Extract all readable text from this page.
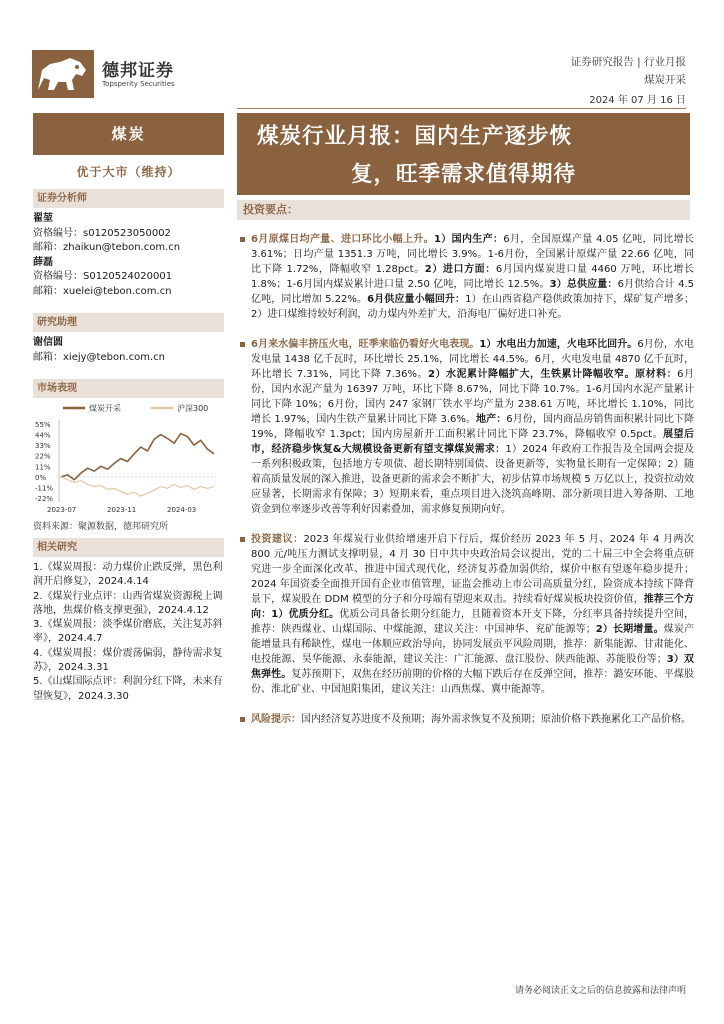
德邦证券
Topsperity Securities
证券研究报告 | 行业月报
煤炭开采
2024 年 07 月 16 日
煤炭
优于大市（维持）
证券分析师
翟堃
资格编号：s0120523050002
邮箱：zhaikun@tebon.com.cn
薛磊
资格编号：S0120524020001
邮箱：xuelei@tebon.com.cn
研究助理
谢信圆
邮箱：xiejy@tebon.com.cn
市场表现
煤炭开采	沪深300
55%
44%
33%
22%
11%
0%
-11%
-22%
2023-07	2023-11	2024-03
资料来源：聚源数据，德邦研究所
相关研究
1.《煤炭周报：动力煤价止跌反弹，黑色利润开启修复》，2024.4.14
2.《煤炭行业点评：山西省煤炭资源税上调落地，焦煤价格支撑更强》，2024.4.12
3.《煤炭周报：淡季煤价磨底，关注复苏斜率》，2024.4.7
4.《煤炭周报：煤价震荡偏弱，静待需求复苏》，2024.3.31
5.《山煤国际点评：利润分红下降，未来有望恢复》，2024.3.30
煤炭行业月报：国内生产逐步恢
复，旺季需求值得期待
投资要点：
6月原煤日均产量、进口环比小幅上升。1）国内生产：6月，全国原煤产量 4.05 亿吨，同比增长 3.61%；日均产量 1351.3 万吨，同比增长 3.9%。1-6月份，全国累计原煤产量 22.66 亿吨，同比下降 1.72%，降幅收窄 1.28pct。2）进口方面：6月国内煤炭进口量 4460 万吨，环比增长 1.8%；1-6月国内煤炭累计进口量 2.50 亿吨，同比增长 12.5%。3）总供应量：6月供给合计 4.5 亿吨，同比增加 5.22%。6月供应量小幅回升：1）在山西省稳产稳供政策加持下，煤矿复产增多；2）进口煤维持较好利润，动力煤内外差扩大，沿海电厂偏好进口补充。
6月来水偏丰挤压火电，旺季来临仍看好火电表现。1）水电出力加速，火电环比回升。6月份，水电发电量 1438 亿千瓦时，环比增长 25.1%，同比增长 44.5%。6月，火电发电量 4870 亿千瓦时，环比增长 7.31%，同比下降 7.36%。2）水泥累计降幅扩大，生铁累计降幅收窄。原材料：6月份，国内水泥产量为 16397 万吨，环比下降 8.67%，同比下降 10.7%。1-6月国内水泥产量累计同比下降 10%；6月份，国内 247 家钢厂铁水平均产量为 238.61 万吨，环比增长 1.10%，同比增长 1.97%，国内生铁产量累计同比下降 3.6%。地产：6月份，国内商品房销售面积累计同比下降 19%，降幅收窄 1.3pct；国内房屋新开工面积累计同比下降 23.7%，降幅收窄 0.5pct。展望后市，经济稳步恢复&大规模设备更新有望支撑煤炭需求：1）2024 年政府工作报告及全国两会提及一系列积极政策，包括地方专项债、超长期特别国债、设备更新等，实物量长期有一定保障；2）随着高质量发展的深入推进，设备更新的需求会不断扩大，初步估算市场规模 5 万亿以上，投资拉动效应显著，长期需求有保障；3）短期来看，重点项目进入浇筑高峰期、部分新项目进入筹备期、工地资金到位率逐步改善等利好因素叠加，需求修复预期向好。
投资建议：2023 年煤炭行业供给增速开启下行后，煤价经历 2023 年 5 月、2024 年 4 月两次 800 元/吨压力测试支撑明显，4 月 30 日中共中央政治局会议提出，党的二十届三中全会将重点研究进一步全面深化改革、推进中国式现代化，经济复苏叠加弱供给，煤价中枢有望逐年稳步提升；2024 年国资委全面推开国有企业市值管理，证监会推动上市公司高质量分红，险资成本持续下降背景下，煤炭股在 DDM 模型的分子和分母端有望迎来双击。持续看好煤炭板块投资价值，推荐三个方向：1）优质分红。优质公司具备长期分红能力，且随着资本开支下降，分红率具备持续提升空间，推荐：陕西煤业、山煤国际、中煤能源，建议关注：中国神华、兖矿能源等；2）长期增量。煤炭产能增量具有稀缺性，煤电一体顺应政治导向，协同发展贡平风险周期，推荐：新集能源、甘肃能化、电投能源、昊华能源、永泰能源，建议关注：广汇能源、盘江股份、陕西能源、苏能股份等；3）双焦弹性。复苏预期下，双焦在经历前期的价格的大幅下跌后存在反弹空间，推荐：潞安环能、平煤股份、淮北矿业、中国旭阳集团，建议关注：山西焦煤、冀中能源等。
风险提示：国内经济复苏进度不及预期；海外需求恢复不及预期；原油价格下跌拖累化工产品价格。
请务必阅读正文之后的信息披露和法律声明
